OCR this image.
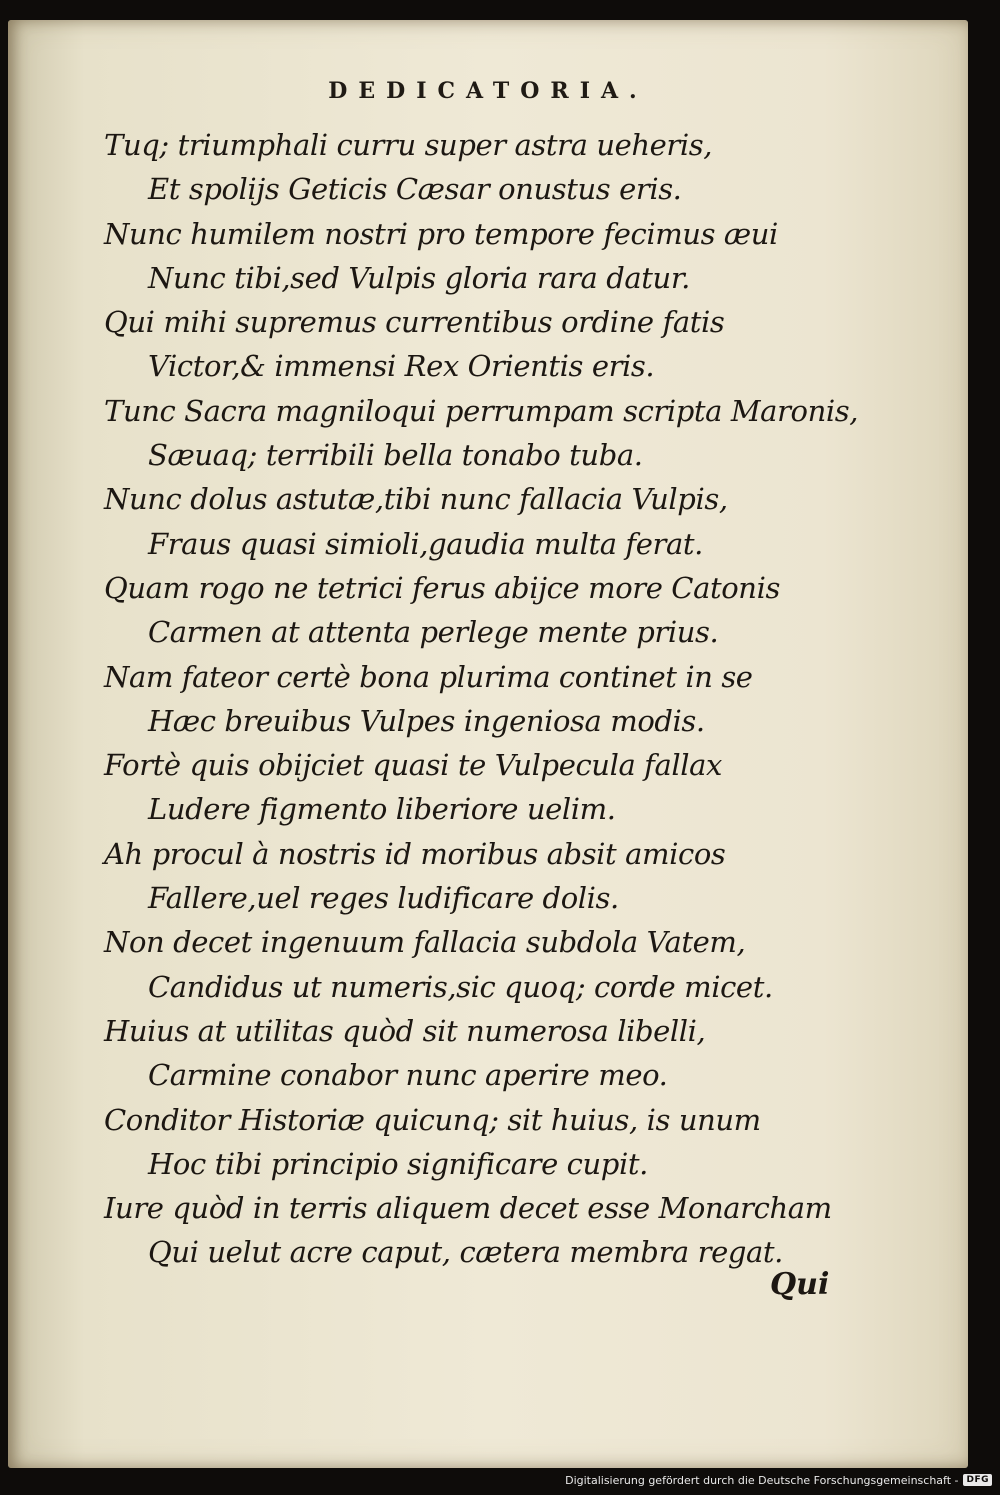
DEDICATORIA.
Tuq; triumphali curru super astra ueheris,
Et spolijs Geticis Cæsar onustus eris.
Nunc humilem nostri pro tempore fecimus æui
Nunc tibi,sed Vulpis gloria rara datur.
Qui mihi supremus currentibus ordine fatis
Victor,& immensi Rex Orientis eris.
Tunc Sacra magniloqui perrumpam scripta Maronis,
Sæuaq; terribili bella tonabo tuba.
Nunc dolus astutæ,tibi nunc fallacia Vulpis,
Fraus quasi simioli,gaudia multa ferat.
Quam rogo ne tetrici ferus abijce more Catonis
Carmen at attenta perlege mente prius.
Nam fateor certè bona plurima continet in se
Hæc breuibus Vulpes ingeniosa modis.
Fortè quis obijciet quasi te Vulpecula fallax
Ludere figmento liberiore uelim.
Ah procul à nostris id moribus absit amicos
Fallere,uel reges ludificare dolis.
Non decet ingenuum fallacia subdola Vatem,
Candidus ut numeris,sic quoq; corde micet.
Huius at utilitas quòd sit numerosa libelli,
Carmine conabor nunc aperire meo.
Conditor Historiæ quicunq; sit huius, is unum
Hoc tibi principio significare cupit.
Iure quòd in terris aliquem decet esse Monarcham
Qui uelut acre caput, cætera membra regat.
Qui
Digitalisierung gefördert durch die Deutsche Forschungsgemeinschaft - DFG
